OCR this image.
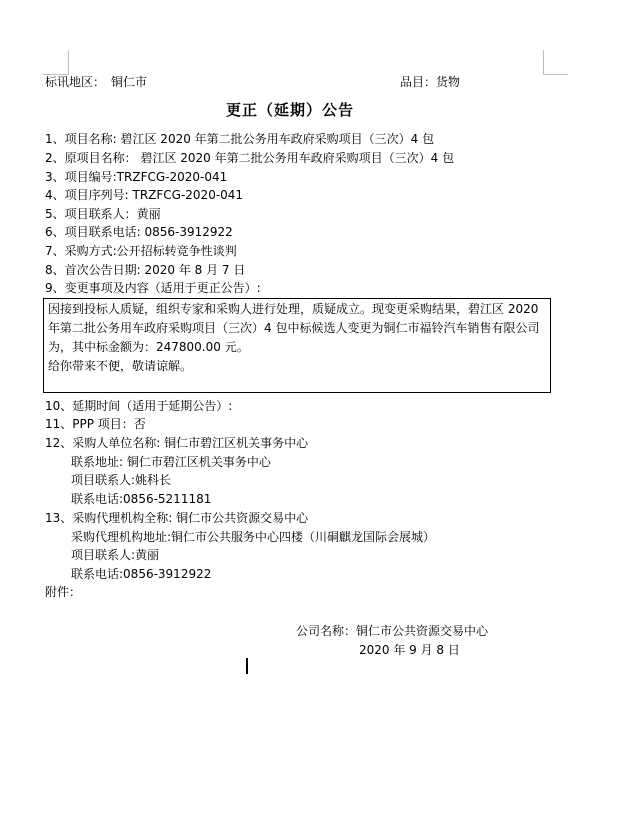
标讯地区： 铜仁市	品目：货物
更正（延期）公告
1、项目名称: 碧江区 2020 年第二批公务用车政府采购项目（三次）4 包
2、原项目名称： 碧江区 2020 年第二批公务用车政府采购项目（三次）4 包
3、项目编号:TRZFCG-2020-041
4、项目序列号: TRZFCG-2020-041
5、项目联系人：黄丽
6、项目联系电话: 0856-3912922
7、采购方式:公开招标转竞争性谈判
8、首次公告日期: 2020 年 8 月 7 日
9、变更事项及内容（适用于更正公告）:
因接到投标人质疑，组织专家和采购人进行处理，质疑成立。现变更采购结果，碧江区 2020 年第二批公务用车政府采购项目（三次）4 包中标候选人变更为铜仁市福铃汽车销售有限公司为，其中标金额为：247800.00 元。
给你带来不便，敬请谅解。
10、延期时间（适用于延期公告）:
11、PPP 项目：否
12、采购人单位名称: 铜仁市碧江区机关事务中心
联系地址: 铜仁市碧江区机关事务中心
项目联系人:姚科长
联系电话:0856-5211181
13、采购代理机构全称: 铜仁市公共资源交易中心
采购代理机构地址:铜仁市公共服务中心四楼（川硐麒龙国际会展城）
项目联系人:黄丽
联系电话:0856-3912922
附件：
公司名称：铜仁市公共资源交易中心
2020 年 9 月 8 日
